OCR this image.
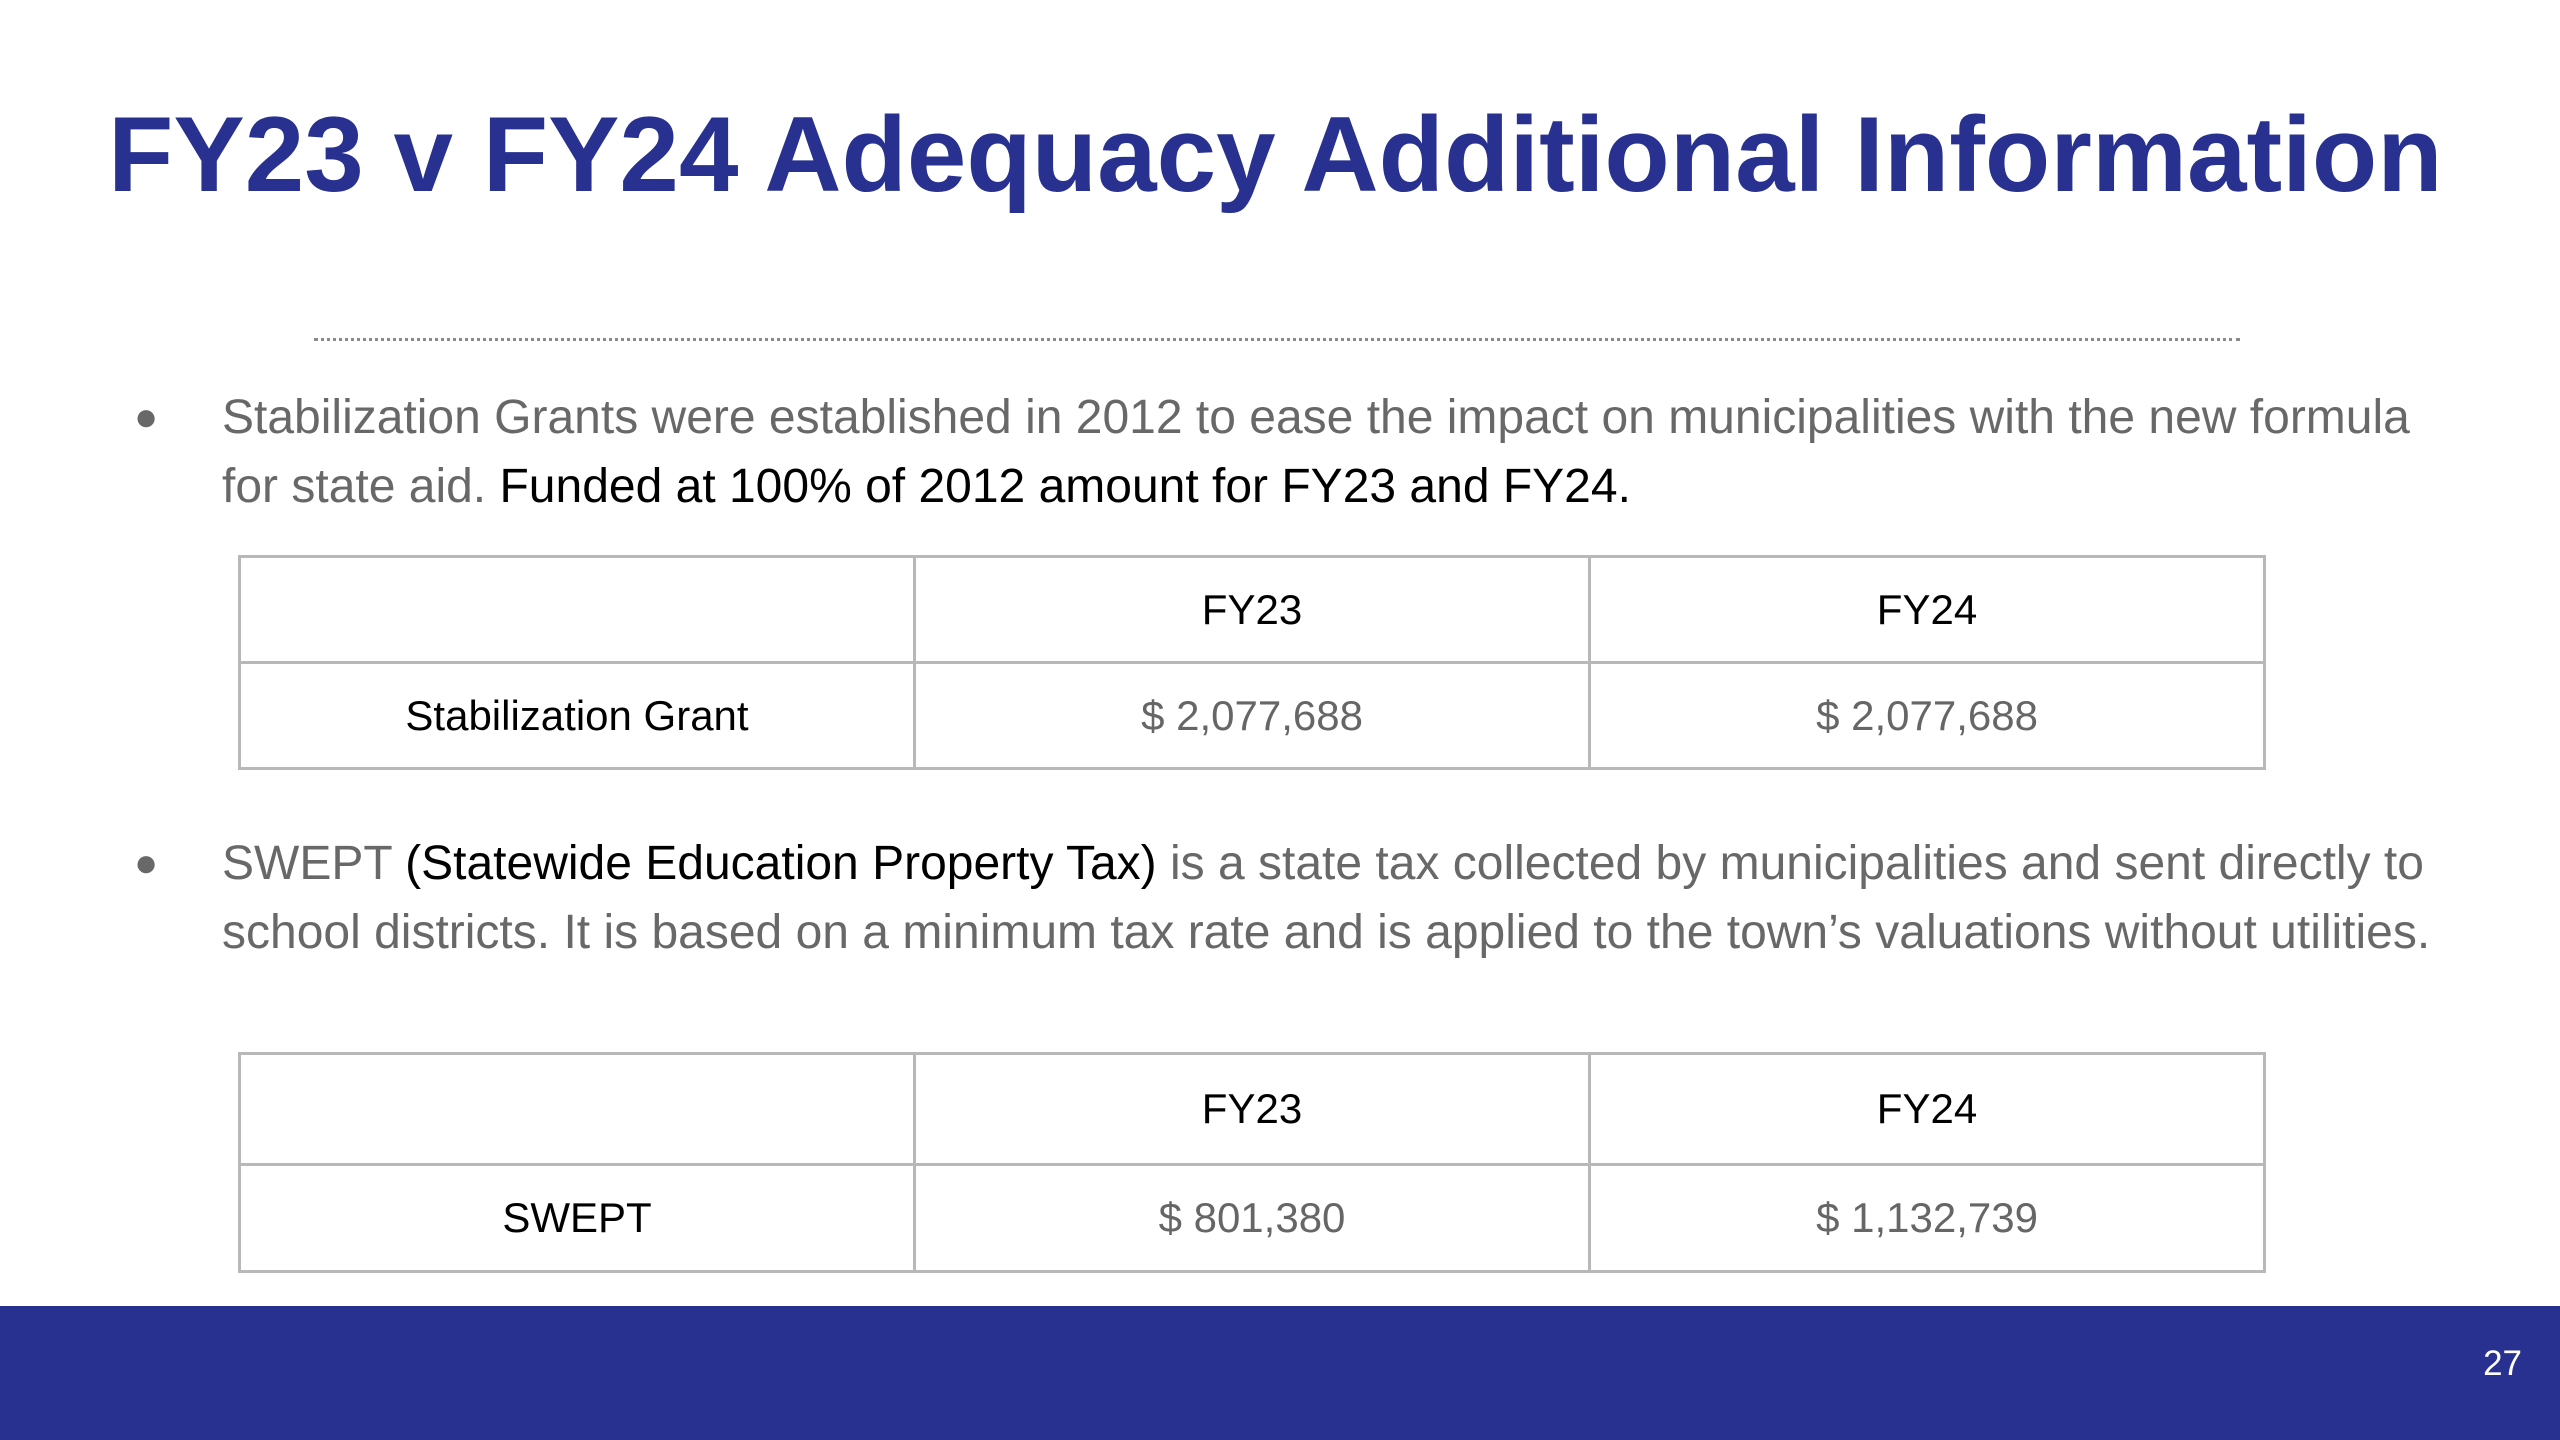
FY23 v FY24 Adequacy Additional Information
● Stabilization Grants were established in 2012 to ease the impact on municipalities with the new formula for state aid. Funded at 100% of 2012 amount for FY23 and FY24.
	FY23	FY24
Stabilization Grant	$ 2,077,688	$ 2,077,688
● SWEPT (Statewide Education Property Tax) is a state tax collected by municipalities and sent directly to school districts. It is based on a minimum tax rate and is applied to the town’s valuations without utilities.
	FY23	FY24
SWEPT	$ 801,380	$ 1,132,739
27
